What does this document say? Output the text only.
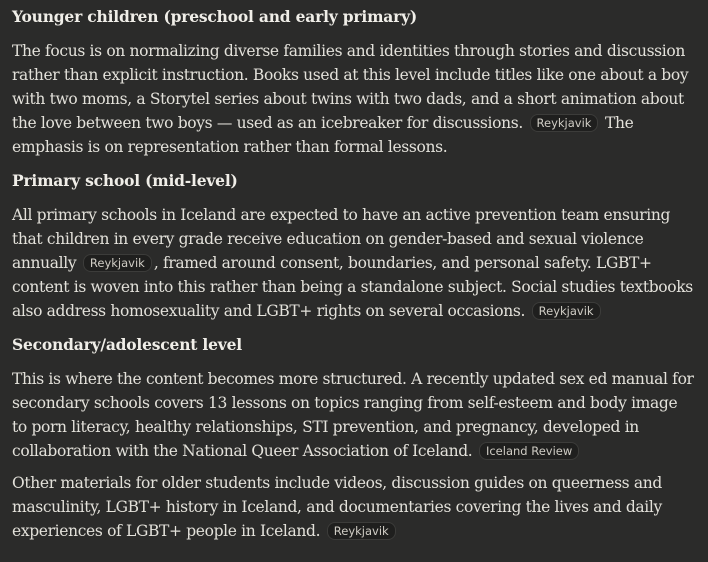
Younger children (preschool and early primary)

The focus is on normalizing diverse families and identities through stories and discussion rather than explicit instruction. Books used at this level include titles like one about a boy with two moms, a Storytel series about twins with two dads, and a short animation about the love between two boys — used as an icebreaker for discussions. Reykjavik The emphasis is on representation rather than formal lessons.

Primary school (mid-level)

All primary schools in Iceland are expected to have an active prevention team ensuring that children in every grade receive education on gender-based and sexual violence annually Reykjavik , framed around consent, boundaries, and personal safety. LGBT+ content is woven into this rather than being a standalone subject. Social studies textbooks also address homosexuality and LGBT+ rights on several occasions. Reykjavik

Secondary/adolescent level

This is where the content becomes more structured. A recently updated sex ed manual for secondary schools covers 13 lessons on topics ranging from self-esteem and body image to porn literacy, healthy relationships, STI prevention, and pregnancy, developed in collaboration with the National Queer Association of Iceland. Iceland Review

Other materials for older students include videos, discussion guides on queerness and masculinity, LGBT+ history in Iceland, and documentaries covering the lives and daily experiences of LGBT+ people in Iceland. Reykjavik
